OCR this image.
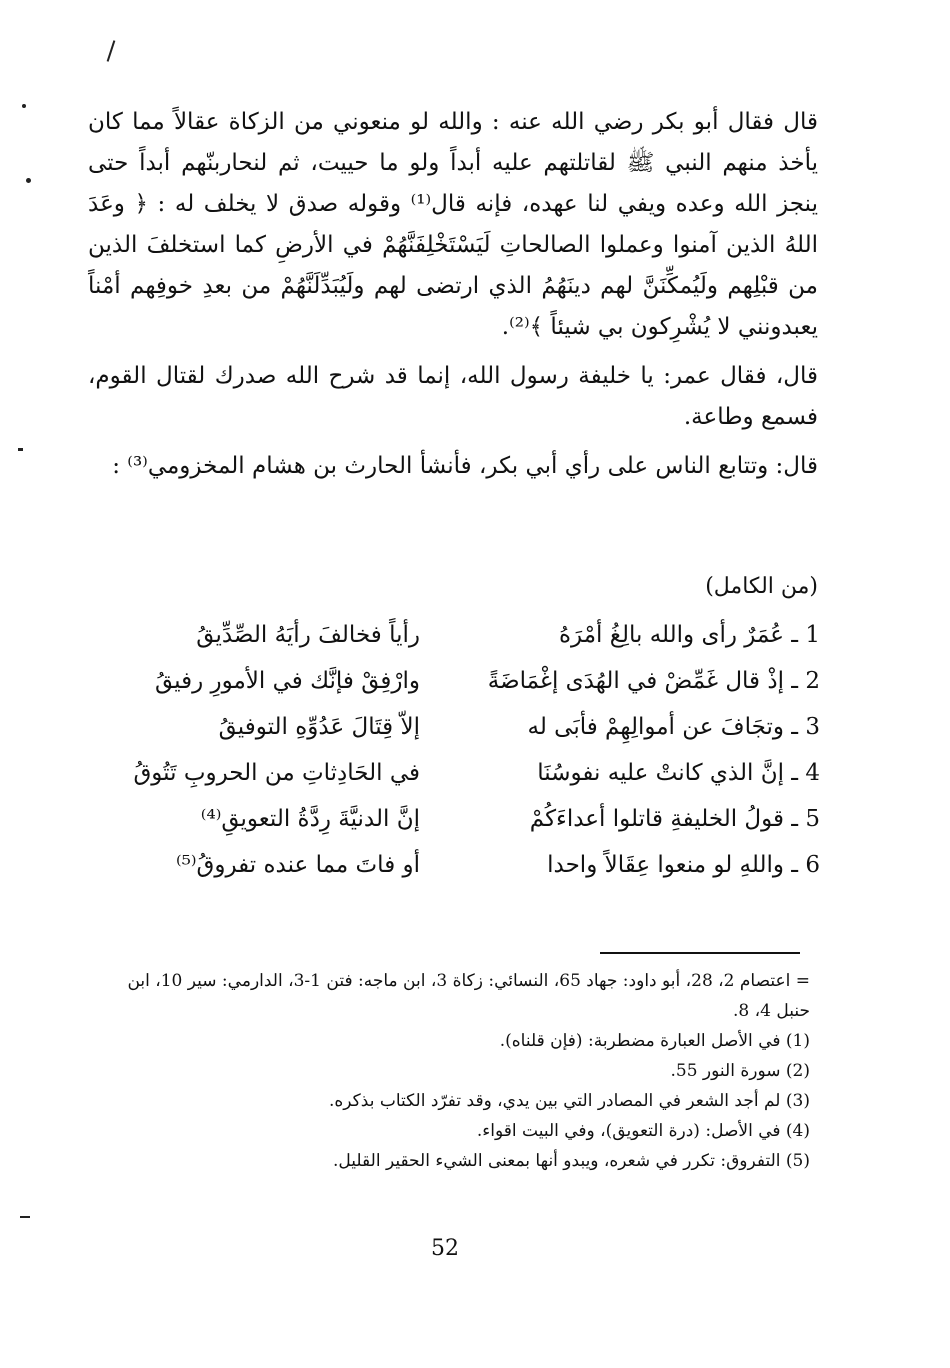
قال فقال أبو بكر رضي الله عنه : والله لو منعوني من الزكاة عقالاً مما كان يأخذ منهم النبي ﷺ لقاتلتهم عليه أبداً ولو ما حييت، ثم لنحاربنّهم أبداً حتى ينجز الله وعده ويفي لنا عهده، فإنه قال⁽¹⁾ وقوله صدق لا يخلف له : ﴿ وعَدَ اللهُ الذين آمنوا وعملوا الصالحاتِ لَيَسْتَخْلِفَنَّهُمْ في الأرضِ كما استخلفَ الذين من قبْلِهم ولَيُمكِّنَنَّ لهم دينَهُمُ الذي ارتضى لهم ولَيُبَدِّلَنَّهُمْ من بعدِ خوفِهم أمْناً يعبدونني لا يُشْرِكون بي شيئاً ﴾⁽²⁾.

قال، فقال عمر: يا خليفة رسول الله، إنما قد شرح الله صدرك لقتال القوم، فسمع وطاعة.

قال: وتتابع الناس على رأي أبي بكر، فأنشأ الحارث بن هشام المخزومي⁽³⁾ :

(من الكامل)
1 ـ عُمَرٌ رأى والله بالِغُ أمْرَهُ
رأياً فخالفَ رأيَهُ الصِّدِّيقُ
2 ـ إذْ قال غَمِّضْ في الهُدَى إغْمَاضَةً
وارْفِقْ فإنَّك في الأمورِ رفيقُ
3 ـ وتجَافَ عن أموالِهِمْ فأبَى له
إلاّ قِتَالَ عَدُوِّهِ التوفيقُ
4 ـ إنَّ الذي كانتْ عليه نفوسُنَا
في الحَادِثاتِ من الحروبِ تَتُوقُ
5 ـ قولُ الخليفةِ قاتلوا أعداءَكُمْ
إنَّ الدنيَّةَ رِدَّةُ التعويقِ⁽⁴⁾
6 ـ واللهِ لو منعوا عِقَالاً واحدا
أو فاتَ مما عنده تفروقُ⁽⁵⁾

= اعتصام 2، 28، أبو داود: جهاد 65، النسائي: زكاة 3، ابن ماجه: فتن 1-3، الدارمي: سير 10، ابن حنبل 4، 8.

(1) في الأصل العبارة مضطربة: (فإن قلناه).

(2) سورة النور 55.

(3) لم أجد الشعر في المصادر التي بين يدي، وقد تفرّد الكتاب بذكره.

(4) في الأصل: (درة التعويق)، وفي البيت اقواء.

(5) التفروق: تكرر في شعره، ويبدو أنها بمعنى الشيء الحقير القليل.

52
